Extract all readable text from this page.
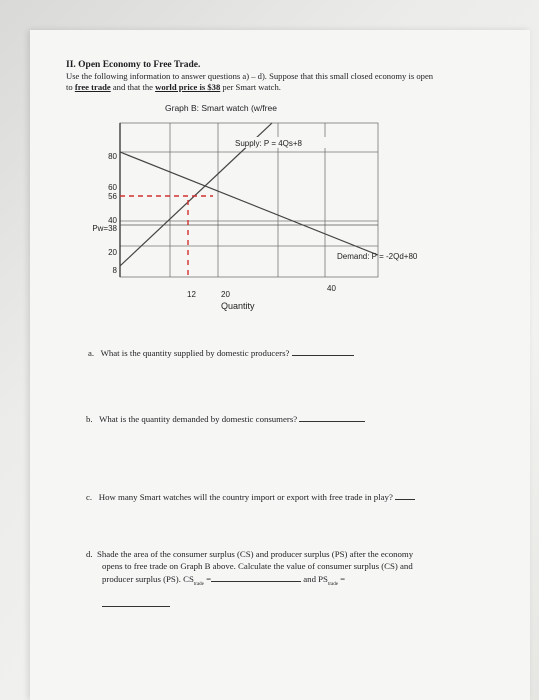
II. Open Economy to Free Trade.
Use the following information to answer questions a) – d). Suppose that this small closed economy is open to free trade and that the world price is $38 per Smart watch.
Graph B: Smart watch (w/free
80
60
56
40
Pw=38
20
8
12	20
40
Quantity
Supply: P = 4Qs+8
Demand: P = -2Qd+80
a. What is the quantity supplied by domestic producers?
b. What is the quantity demanded by domestic consumers?
c. How many Smart watches will the country import or export with free trade in play?
d. Shade the area of the consumer surplus (CS) and producer surplus (PS) after the economy
opens to free trade on Graph B above. Calculate the value of consumer surplus (CS) and
producer surplus (PS). $CS_{trade}$ =	and $PS_{trade}$ =
